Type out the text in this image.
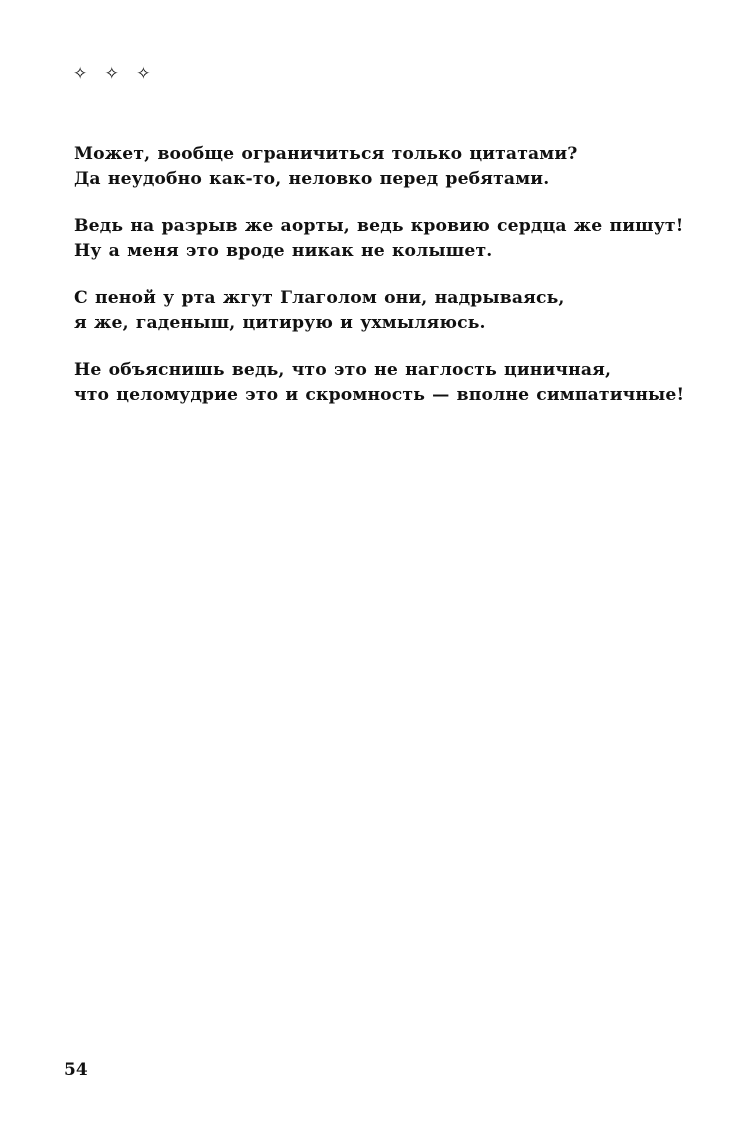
✧ ✧ ✧
Может, вообще ограничиться только цитатами?
Да неудобно как-то, неловко перед ребятами.
Ведь на разрыв же аорты, ведь кровию сердца же пишут!
Ну а меня это вроде никак не колышет.
С пеной у рта жгут Глаголом они, надрываясь,
я же, гаденыш, цитирую и ухмыляюсь.
Не объяснишь ведь, что это не наглость циничная,
что целомудрие это и скромность — вполне симпатичные!
54
